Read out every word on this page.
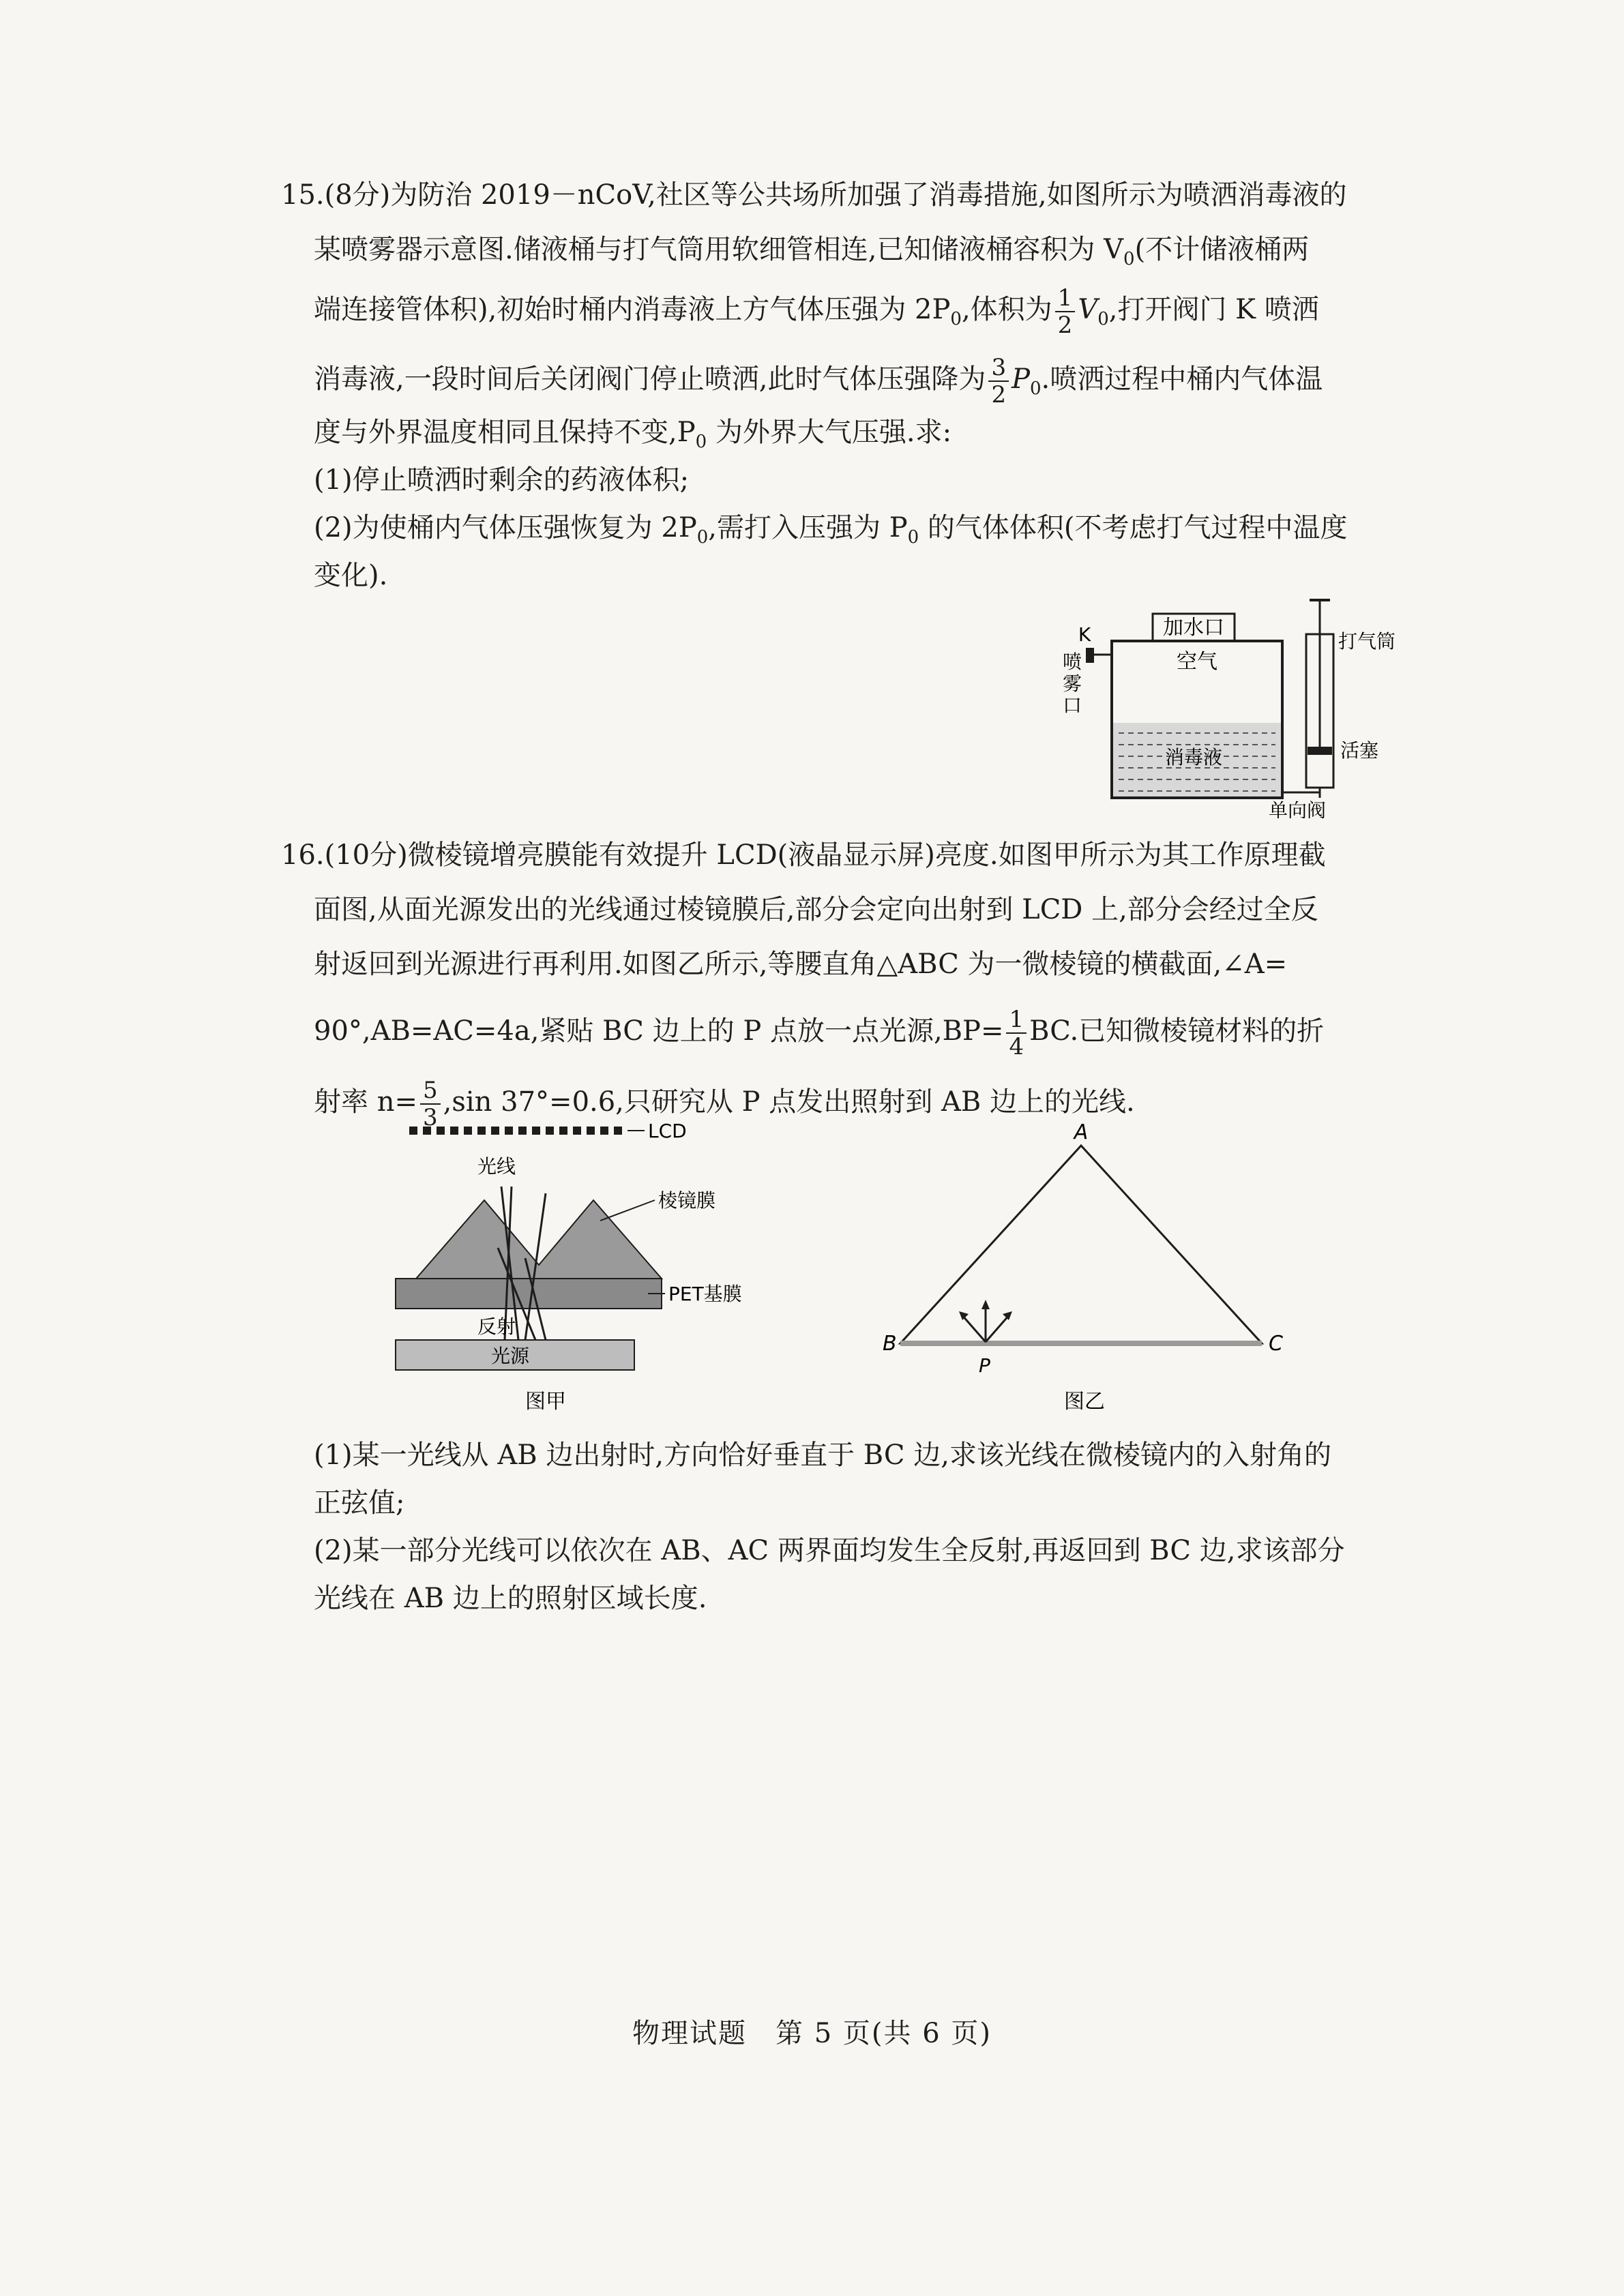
15.(8分)为防治 2019－nCoV,社区等公共场所加强了消毒措施,如图所示为喷洒消毒液的
某喷雾器示意图.储液桶与打气筒用软细管相连,已知储液桶容积为 $V_0$(不计储液桶两
端连接管体积),初始时桶内消毒液上方气体压强为 $2P_0$,体积为 $\frac{1}{2} V_0$,打开阀门 K 喷洒
消毒液,一段时间后关闭阀门停止喷洒,此时气体压强降为 $\frac{3}{2} P_0$.喷洒过程中桶内气体温
度与外界温度相同且保持不变$,P_0$ 为外界大气压强.求:
(1)停止喷洒时剩余的药液体积;
(2)为使桶内气体压强恢复为 $2P_0$,需打入压强为 $P_0$ 的气体体积(不考虑打气过程中温度
变化).
加水口
空气
消毒液
K
喷
雾
口
打气筒
活塞
单向阀
16.(10分)微棱镜增亮膜能有效提升 LCD(液晶显示屏)亮度.如图甲所示为其工作原理截
面图,从面光源发出的光线通过棱镜膜后,部分会定向出射到 LCD 上,部分会经过全反
射返回到光源进行再利用.如图乙所示,等腰直角△ABC 为一微棱镜的横截面,∠A=
90°,AB=AC=4a,紧贴 BC 边上的 P 点放一点光源$,BP= \frac{1}{4}$ BC.已知微棱镜材料的折
射率 $n= \frac{5}{3} ,\sin$ 37°=0.6,只研究从 P 点发出照射到 AB 边上的光线.
LCD
光线
棱镜膜
PET基膜
反射
光源
图甲
A
B	C
P
图乙
(1)某一光线从 AB 边出射时,方向恰好垂直于 BC 边,求该光线在微棱镜内的入射角的
正弦值;
(2)某一部分光线可以依次在 AB、AC 两界面均发生全反射,再返回到 BC 边,求该部分
光线在 AB 边上的照射区域长度.
物理试题　第 5 页(共 6 页)
